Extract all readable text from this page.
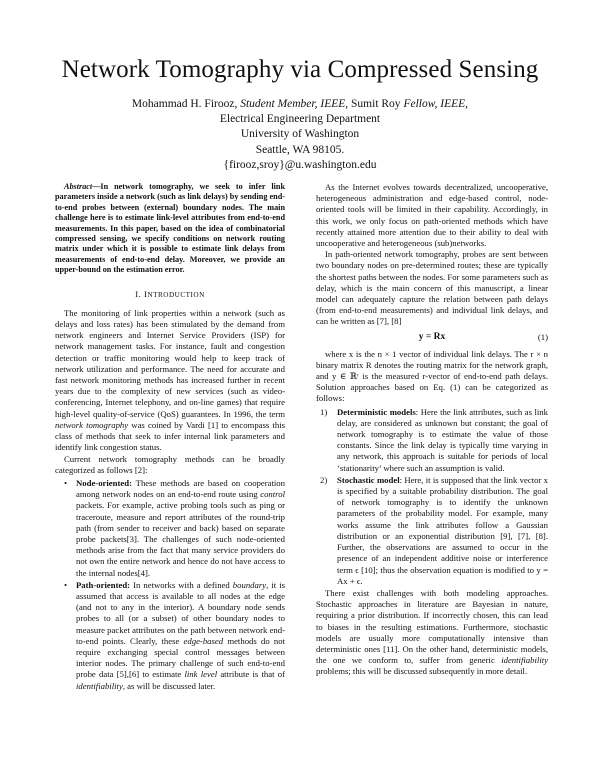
Network Tomography via Compressed Sensing
Mohammad H. Firooz, Student Member, IEEE, Sumit Roy Fellow, IEEE,
Electrical Engineering Department
University of Washington
Seattle, WA 98105.
{firooz,sroy}@u.washington.edu

Abstract—In network tomography, we seek to infer link parameters inside a network (such as link delays) by sending end-to-end probes between (external) boundary nodes. The main challenge here is to estimate link-level attributes from end-to-end measurements. In this paper, based on the idea of combinatorial compressed sensing, we specify conditions on network routing matrix under which it is possible to estimate link delays from measurements of end-to-end delay. Moreover, we provide an upper-bound on the estimation error.

I. INTRODUCTION

The monitoring of link properties within a network (such as delays and loss rates) has been stimulated by the demand from network engineers and Internet Service Providers (ISP) for network management tasks. For instance, fault and congestion detection or traffic monitoring would help to keep track of network utilization and performance. The need for accurate and fast network monitoring methods has increased further in recent years due to the complexity of new services (such as video-conferencing, Internet telephony, and on-line games) that require high-level quality-of-service (QoS) guarantees. In 1996, the term network tomography was coined by Vardi [1] to encompass this class of methods that seek to infer internal link parameters and identify link congestion status.

Current network tomography methods can be broadly categorized as follows [2]:

• Node-oriented: These methods are based on cooperation among network nodes on an end-to-end route using control packets. For example, active probing tools such as ping or traceroute, measure and report attributes of the round-trip path (from sender to receiver and back) based on separate probe packets[3]. The challenges of such node-oriented methods arise from the fact that many service providers do not own the entire network and hence do not have access to the internal nodes[4].
• Path-oriented: In networks with a defined boundary, it is assumed that access is available to all nodes at the edge (and not to any in the interior). A boundary node sends probes to all (or a subset) of other boundary nodes to measure packet attributes on the path between network end-to-end points. Clearly, these edge-based methods do not require exchanging special control messages between interior nodes. The primary challenge of such end-to-end probe data [5],[6] to estimate link level attribute is that of identifiability, as will be discussed later.

As the Internet evolves towards decentralized, uncooperative, heterogeneous administration and edge-based control, node-oriented tools will be limited in their capability. Accordingly, in this work, we only focus on path-oriented methods which have recently attained more attention due to their ability to deal with uncooperative and heterogeneous (sub)networks.

In path-oriented network tomography, probes are sent between two boundary nodes on pre-determined routes; these are typically the shortest paths between the nodes. For some parameters such as delay, which is the main concern of this manuscript, a linear model can adequately capture the relation between path delays (from end-to-end measurements) and individual link delays, and can be written as [7], [8]

y = Rx	(1)

where x is the n × 1 vector of individual link delays. The r × n binary matrix R denotes the routing matrix for the network graph, and y ∈ ℝʳ is the measured r-vector of end-to-end path delays. Solution approaches based on Eq. (1) can be categorized as follows:

1) Deterministic models: Here the link attributes, such as link delay, are considered as unknown but constant; the goal of network tomography is to estimate the value of those constants. Since the link delay is typically time varying in any network, this approach is suitable for periods of local ‘stationarity’ where such an assumption is valid.
2) Stochastic model: Here, it is supposed that the link vector x is specified by a suitable probability distribution. The goal of network tomography is to identify the unknown parameters of the probability model. For example, many works assume the link attributes follow a Gaussian distribution or an exponential distribution [9], [7], [8]. Further, the observations are assumed to occur in the presence of an independent additive noise or interference term ϵ [10]; thus the observation equation is modified to y = Ax + ϵ.

There exist challenges with both modeling approaches. Stochastic approaches in literature are Bayesian in nature, requiring a prior distribution. If incorrectly chosen, this can lead to biases in the resulting estimations. Furthermore, stochastic models are usually more computationally intensive than deterministic ones [11]. On the other hand, deterministic models, the one we conform to, suffer from generic identifiability problems; this will be discussed subsequently in more detail.
